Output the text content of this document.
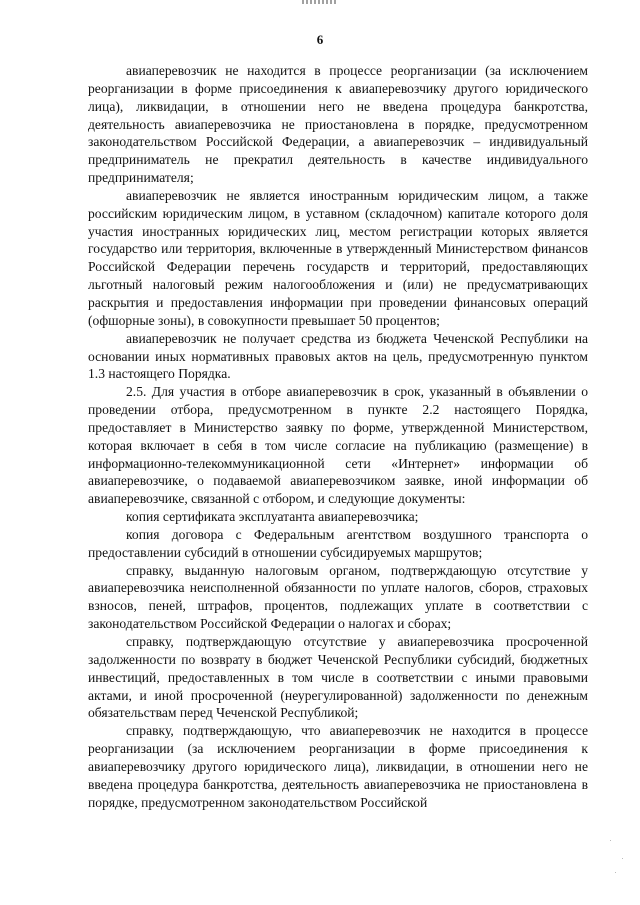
6

авиаперевозчик не находится в процессе реорганизации (за исключением реорганизации в форме присоединения к авиаперевозчику другого юридического лица), ликвидации, в отношении него не введена процедура банкротства, деятельность авиаперевозчика не приостановлена в порядке, предусмотренном законодательством Российской Федерации, а авиаперевозчик – индивидуальный предприниматель не прекратил деятельность в качестве индивидуального предпринимателя;

авиаперевозчик не является иностранным юридическим лицом, а также российским юридическим лицом, в уставном (складочном) капитале которого доля участия иностранных юридических лиц, местом регистрации которых является государство или территория, включенные в утвержденный Министерством финансов Российской Федерации перечень государств и территорий, предоставляющих льготный налоговый режим налогообложения и (или) не предусматривающих раскрытия и предоставления информации при проведении финансовых операций (офшорные зоны), в совокупности превышает 50 процентов;

авиаперевозчик не получает средства из бюджета Чеченской Республики на основании иных нормативных правовых актов на цель, предусмотренную пунктом 1.3 настоящего Порядка.

2.5. Для участия в отборе авиаперевозчик в срок, указанный в объявлении о проведении отбора, предусмотренном в пункте 2.2 настоящего Порядка, предоставляет в Министерство заявку по форме, утвержденной Министерством, которая включает в себя в том числе согласие на публикацию (размещение) в информационно-телекоммуникационной сети «Интернет» информации об авиаперевозчике, о подаваемой авиаперевозчиком заявке, иной информации об авиаперевозчике, связанной с отбором, и следующие документы:

копия сертификата эксплуатанта авиаперевозчика;

копия договора с Федеральным агентством воздушного транспорта о предоставлении субсидий в отношении субсидируемых маршрутов;

справку, выданную налоговым органом, подтверждающую отсутствие у авиаперевозчика неисполненной обязанности по уплате налогов, сборов, страховых взносов, пеней, штрафов, процентов, подлежащих уплате в соответствии с законодательством Российской Федерации о налогах и сборах;

справку, подтверждающую отсутствие у авиаперевозчика просроченной задолженности по возврату в бюджет Чеченской Республики субсидий, бюджетных инвестиций, предоставленных в том числе в соответствии с иными правовыми актами, и иной просроченной (неурегулированной) задолженности по денежным обязательствам перед Чеченской Республикой;

справку, подтверждающую, что авиаперевозчик не находится в процессе реорганизации (за исключением реорганизации в форме присоединения к авиаперевозчику другого юридического лица), ликвидации, в отношении него не введена процедура банкротства, деятельность авиаперевозчика не приостановлена в порядке, предусмотренном законодательством Российской
